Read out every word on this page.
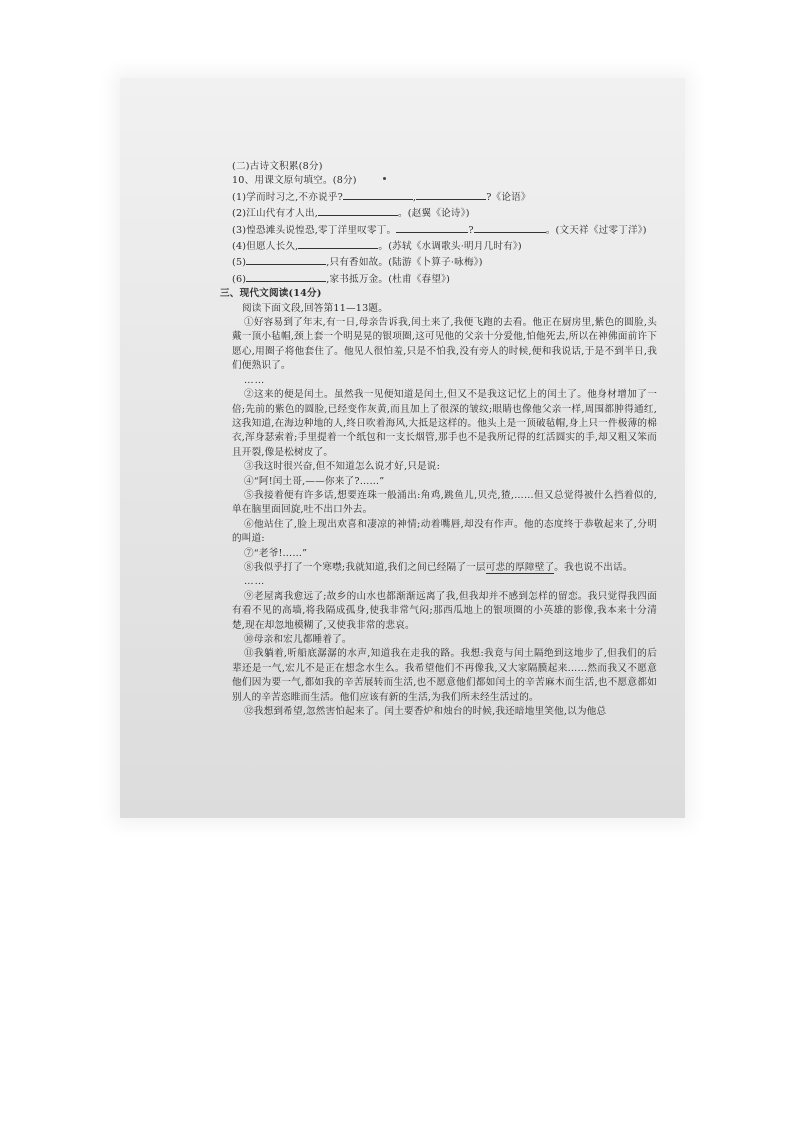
(二)古诗文积累(8分)
10、用课文原句填空。(8分)
(1)学而时习之,不亦说乎?	,	?《论语》
(2)江山代有才人出,	。(赵翼《论诗》)
(3)惶恐滩头说惶恐,零丁洋里叹零丁。	?	。(文天祥《过零丁洋》)
(4)但愿人长久,	。(苏轼《水调歌头·明月几时有》)
(5)	,只有香如故。(陆游《卜算子·咏梅》)
(6)	,家书抵万金。(杜甫《春望》)
三、现代文阅读(14分)
阅读下面文段,回答第11—13题。
①好容易到了年末,有一日,母亲告诉我,闰土来了,我便飞跑的去看。他正在厨房里,紫色的圆脸,头戴一顶小毡帽,颈上套一个明晃晃的银项圈,这可见他的父亲十分爱他,怕他死去,所以在神佛面前许下愿心,用圈子将他套住了。他见人很怕羞,只是不怕我,没有旁人的时候,便和我说话,于是不到半日,我们便熟识了。
……
②这来的便是闰土。虽然我一见便知道是闰土,但又不是我这记忆上的闰土了。他身材增加了一倍;先前的紫色的圆脸,已经变作灰黄,而且加上了很深的皱纹;眼睛也像他父亲一样,周围都肿得通红,这我知道,在海边种地的人,终日吹着海风,大抵是这样的。他头上是一顶破毡帽,身上只一件极薄的棉衣,浑身瑟索着;手里提着一个纸包和一支长烟管,那手也不是我所记得的红活圆实的手,却又粗又笨而且开裂,像是松树皮了。
③我这时很兴奋,但不知道怎么说才好,只是说:
④“阿!闰土哥,——你来了?……”
⑤我接着便有许多话,想要连珠一般涌出:角鸡,跳鱼儿,贝壳,猹,……但又总觉得被什么挡着似的,单在脑里面回旋,吐不出口外去。
⑥他站住了,脸上现出欢喜和凄凉的神情;动着嘴唇,却没有作声。他的态度终于恭敬起来了,分明的叫道:
⑦“老爷!……”
⑧我似乎打了一个寒噤;我就知道,我们之间已经隔了一层可悲的厚障壁了。我也说不出话。
……
⑨老屋离我愈远了;故乡的山水也都渐渐远离了我,但我却并不感到怎样的留恋。我只觉得我四面有看不见的高墙,将我隔成孤身,使我非常气闷;那西瓜地上的银项圈的小英雄的影像,我本来十分清楚,现在却忽地模糊了,又使我非常的悲哀。
⑩母亲和宏儿都睡着了。
⑪我躺着,听船底潺潺的水声,知道我在走我的路。我想:我竟与闰土隔绝到这地步了,但我们的后辈还是一气,宏儿不是正在想念水生么。我希望他们不再像我,又大家隔膜起来……然而我又不愿意他们因为要一气,都如我的辛苦展转而生活,也不愿意他们都如闰土的辛苦麻木而生活,也不愿意都如别人的辛苦恣睢而生活。他们应该有新的生活,为我们所未经生活过的。
⑫我想到希望,忽然害怕起来了。闰土要香炉和烛台的时候,我还暗地里笑他,以为他总
